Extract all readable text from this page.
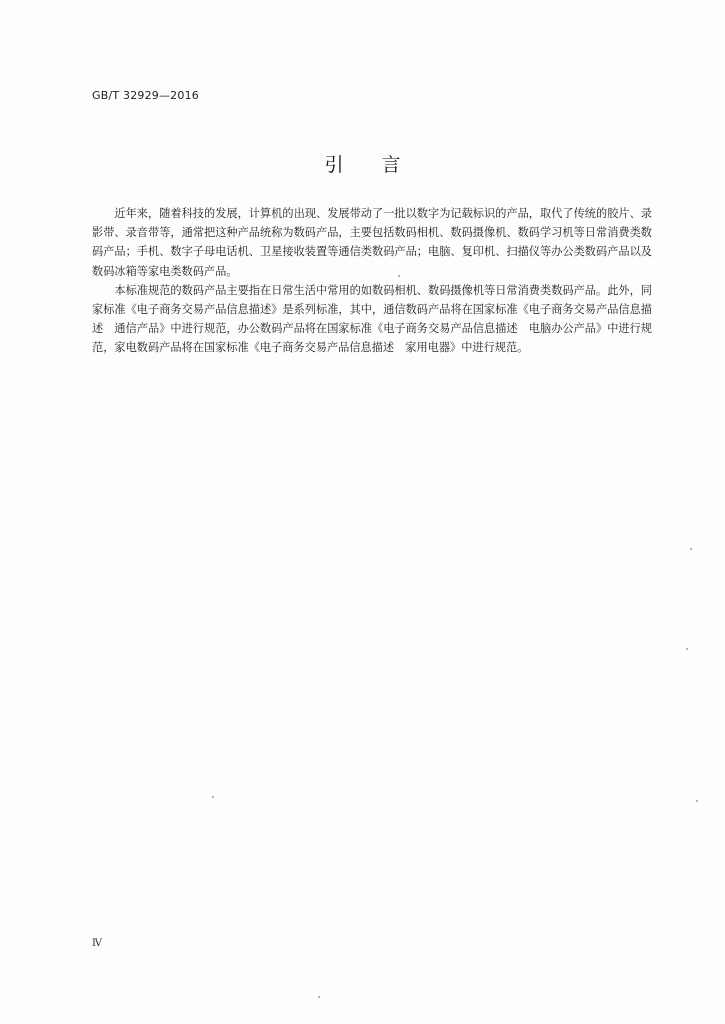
GB/T 32929—2016
引言

近年来，随着科技的发展，计算机的出现、发展带动了一批以数字为记载标识的产品，取代了传统的胶片、录影带、录音带等，通常把这种产品统称为数码产品，主要包括数码相机、数码摄像机、数码学习机等日常消费类数码产品；手机、数字子母电话机、卫星接收装置等通信类数码产品；电脑、复印机、扫描仪等办公类数码产品以及数码冰箱等家电类数码产品。

本标准规范的数码产品主要指在日常生活中常用的如数码相机、数码摄像机等日常消费类数码产品。此外，同家标准《电子商务交易产品信息描述》是系列标准，其中，通信数码产品将在国家标准《电子商务交易产品信息描述　通信产品》中进行规范，办公数码产品将在国家标准《电子商务交易产品信息描述　电脑办公产品》中进行规范，家电数码产品将在国家标准《电子商务交易产品信息描述　家用电器》中进行规范。

Ⅳ
